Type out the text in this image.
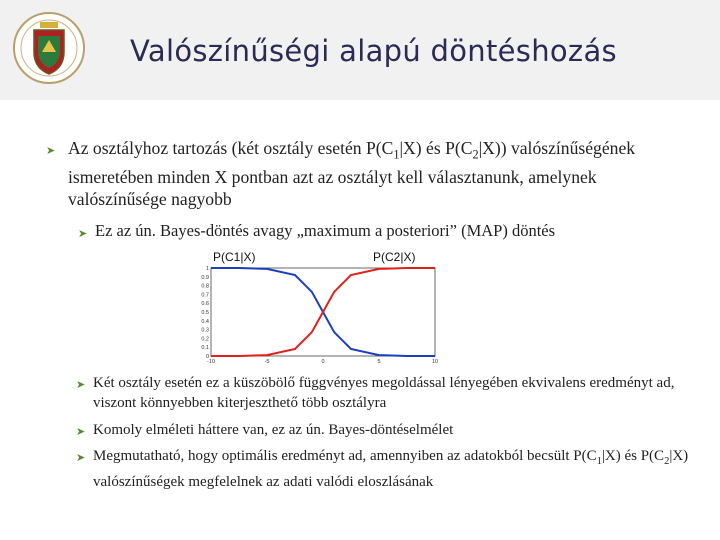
Valószínűségi alapú döntéshozás
➤ Az osztályhoz tartozás (két osztály esetén $P(C_1|X)$ és $P(C_2|X)$) valószínűségének ismeretében minden X pontban azt az osztályt kell választanunk, amelynek valószínűsége nagyobb
➤ Ez az ún. Bayes-döntés avagy „maximum a posteriori” (MAP) döntés
0
0.1
0.2
0.3
0.4
0.5
0.6
0.7
0.8
0.9
1
-10	-5	0	5	10
P(C1|X)	P(C2|X)
➤ Két osztály esetén ez a küszöbölő függvényes megoldással lényegében ekvivalens eredményt ad, viszont könnyebben kiterjeszthető több osztályra
➤ Komoly elméleti háttere van, ez az ún. Bayes-döntéselmélet
➤ Megmutatható, hogy optimális eredményt ad, amennyiben az adatokból becsült $P(C_1|X)$ és $P(C_2|X)$ valószínűségek megfelelnek az adati valódi eloszlásának
